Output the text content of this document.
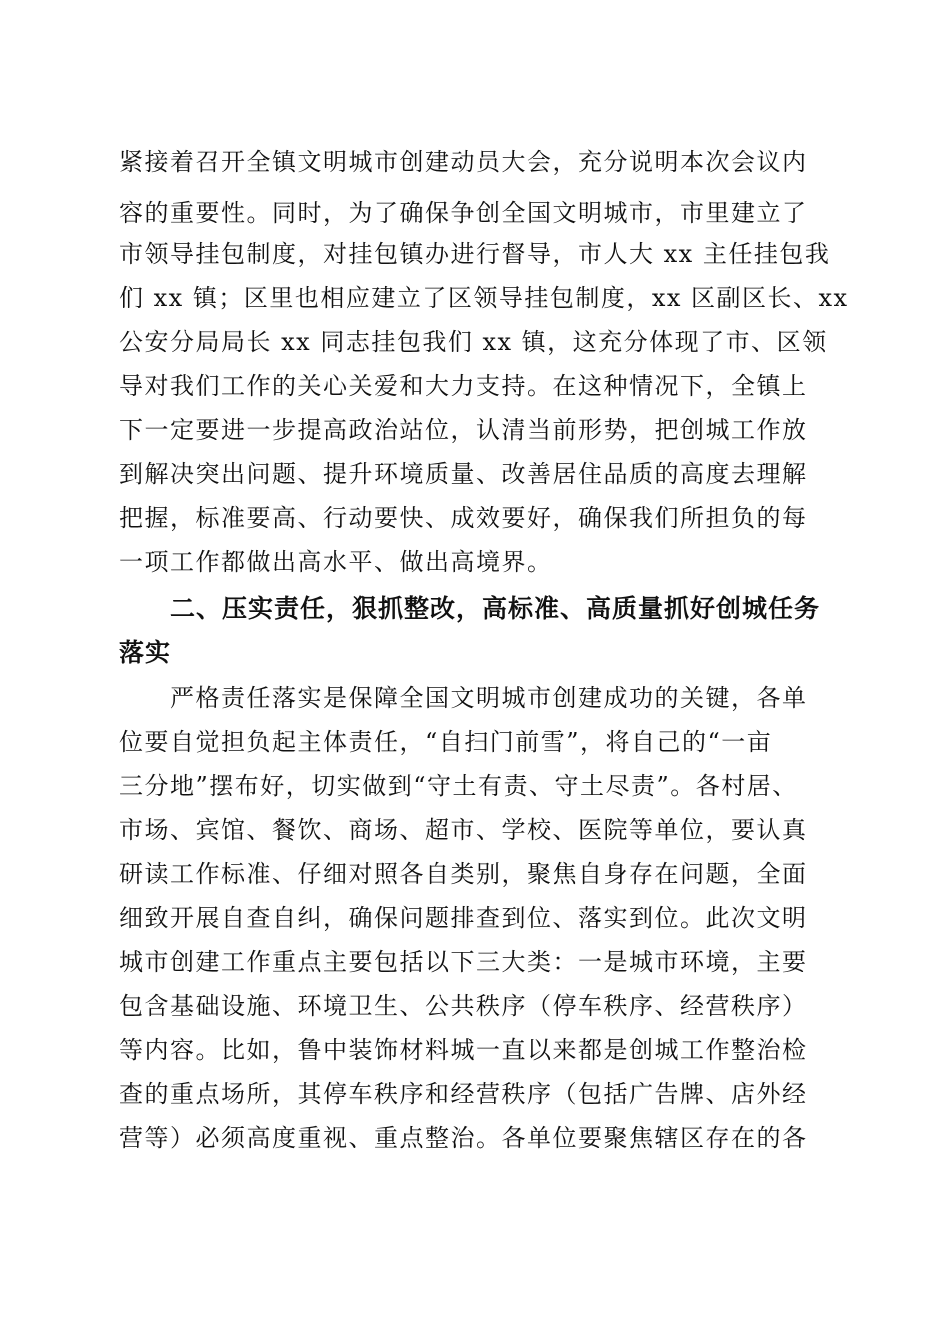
紧接着召开全镇文明城市创建动员大会，充分说明本次会议内
容的重要性。同时，为了确保争创全国文明城市，市里建立了
市领导挂包制度，对挂包镇办进行督导，市人大 xx 主任挂包我
们 xx 镇；区里也相应建立了区领导挂包制度，xx 区副区长、xx
公安分局局长 xx 同志挂包我们 xx 镇，这充分体现了市、区领
导对我们工作的关心关爱和大力支持。在这种情况下，全镇上
下一定要进一步提高政治站位，认清当前形势，把创城工作放
到解决突出问题、提升环境质量、改善居住品质的高度去理解
把握，标准要高、行动要快、成效要好，确保我们所担负的每
一项工作都做出高水平、做出高境界。
二、压实责任，狠抓整改，高标准、高质量抓好创城任务
落实
严格责任落实是保障全国文明城市创建成功的关键，各单
位要自觉担负起主体责任，“自扫门前雪”，将自己的“一亩
三分地”摆布好，切实做到“守土有责、守土尽责”。各村居、
市场、宾馆、餐饮、商场、超市、学校、医院等单位，要认真
研读工作标准、仔细对照各自类别，聚焦自身存在问题，全面
细致开展自查自纠，确保问题排查到位、落实到位。此次文明
城市创建工作重点主要包括以下三大类：一是城市环境，主要
包含基础设施、环境卫生、公共秩序（停车秩序、经营秩序）
等内容。比如，鲁中装饰材料城一直以来都是创城工作整治检
查的重点场所，其停车秩序和经营秩序（包括广告牌、店外经
营等）必须高度重视、重点整治。各单位要聚焦辖区存在的各
